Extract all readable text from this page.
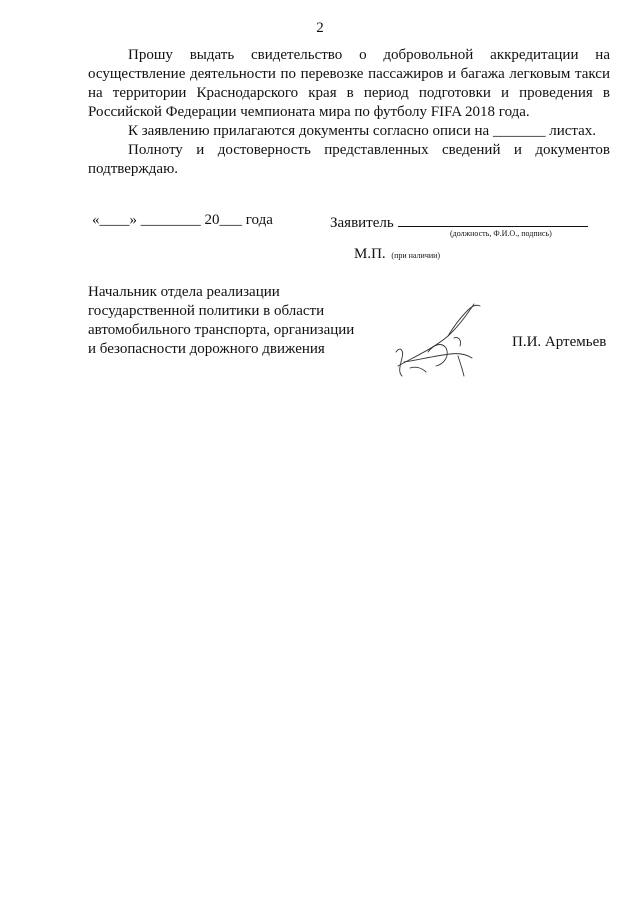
2

Прошу выдать свидетельство о добровольной аккредитации на осуществление деятельности по перевозке пассажиров и багажа легковым такси на территории Краснодарского края в период подготовки и проведения в Российской Федерации чемпионата мира по футболу FIFA 2018 года.

К заявлению прилагаются документы согласно описи на _______ листах.

Полноту и достоверность представленных сведений и документов подтверждаю.

«____» ________ 20___ года	Заявитель
(должность, Ф.И.О., подпись)
М.П. (при наличии)
Начальник отдела реализации
государственной политики в области
автомобильного транспорта, организации
и безопасности дорожного движения	П.И. Артемьев
